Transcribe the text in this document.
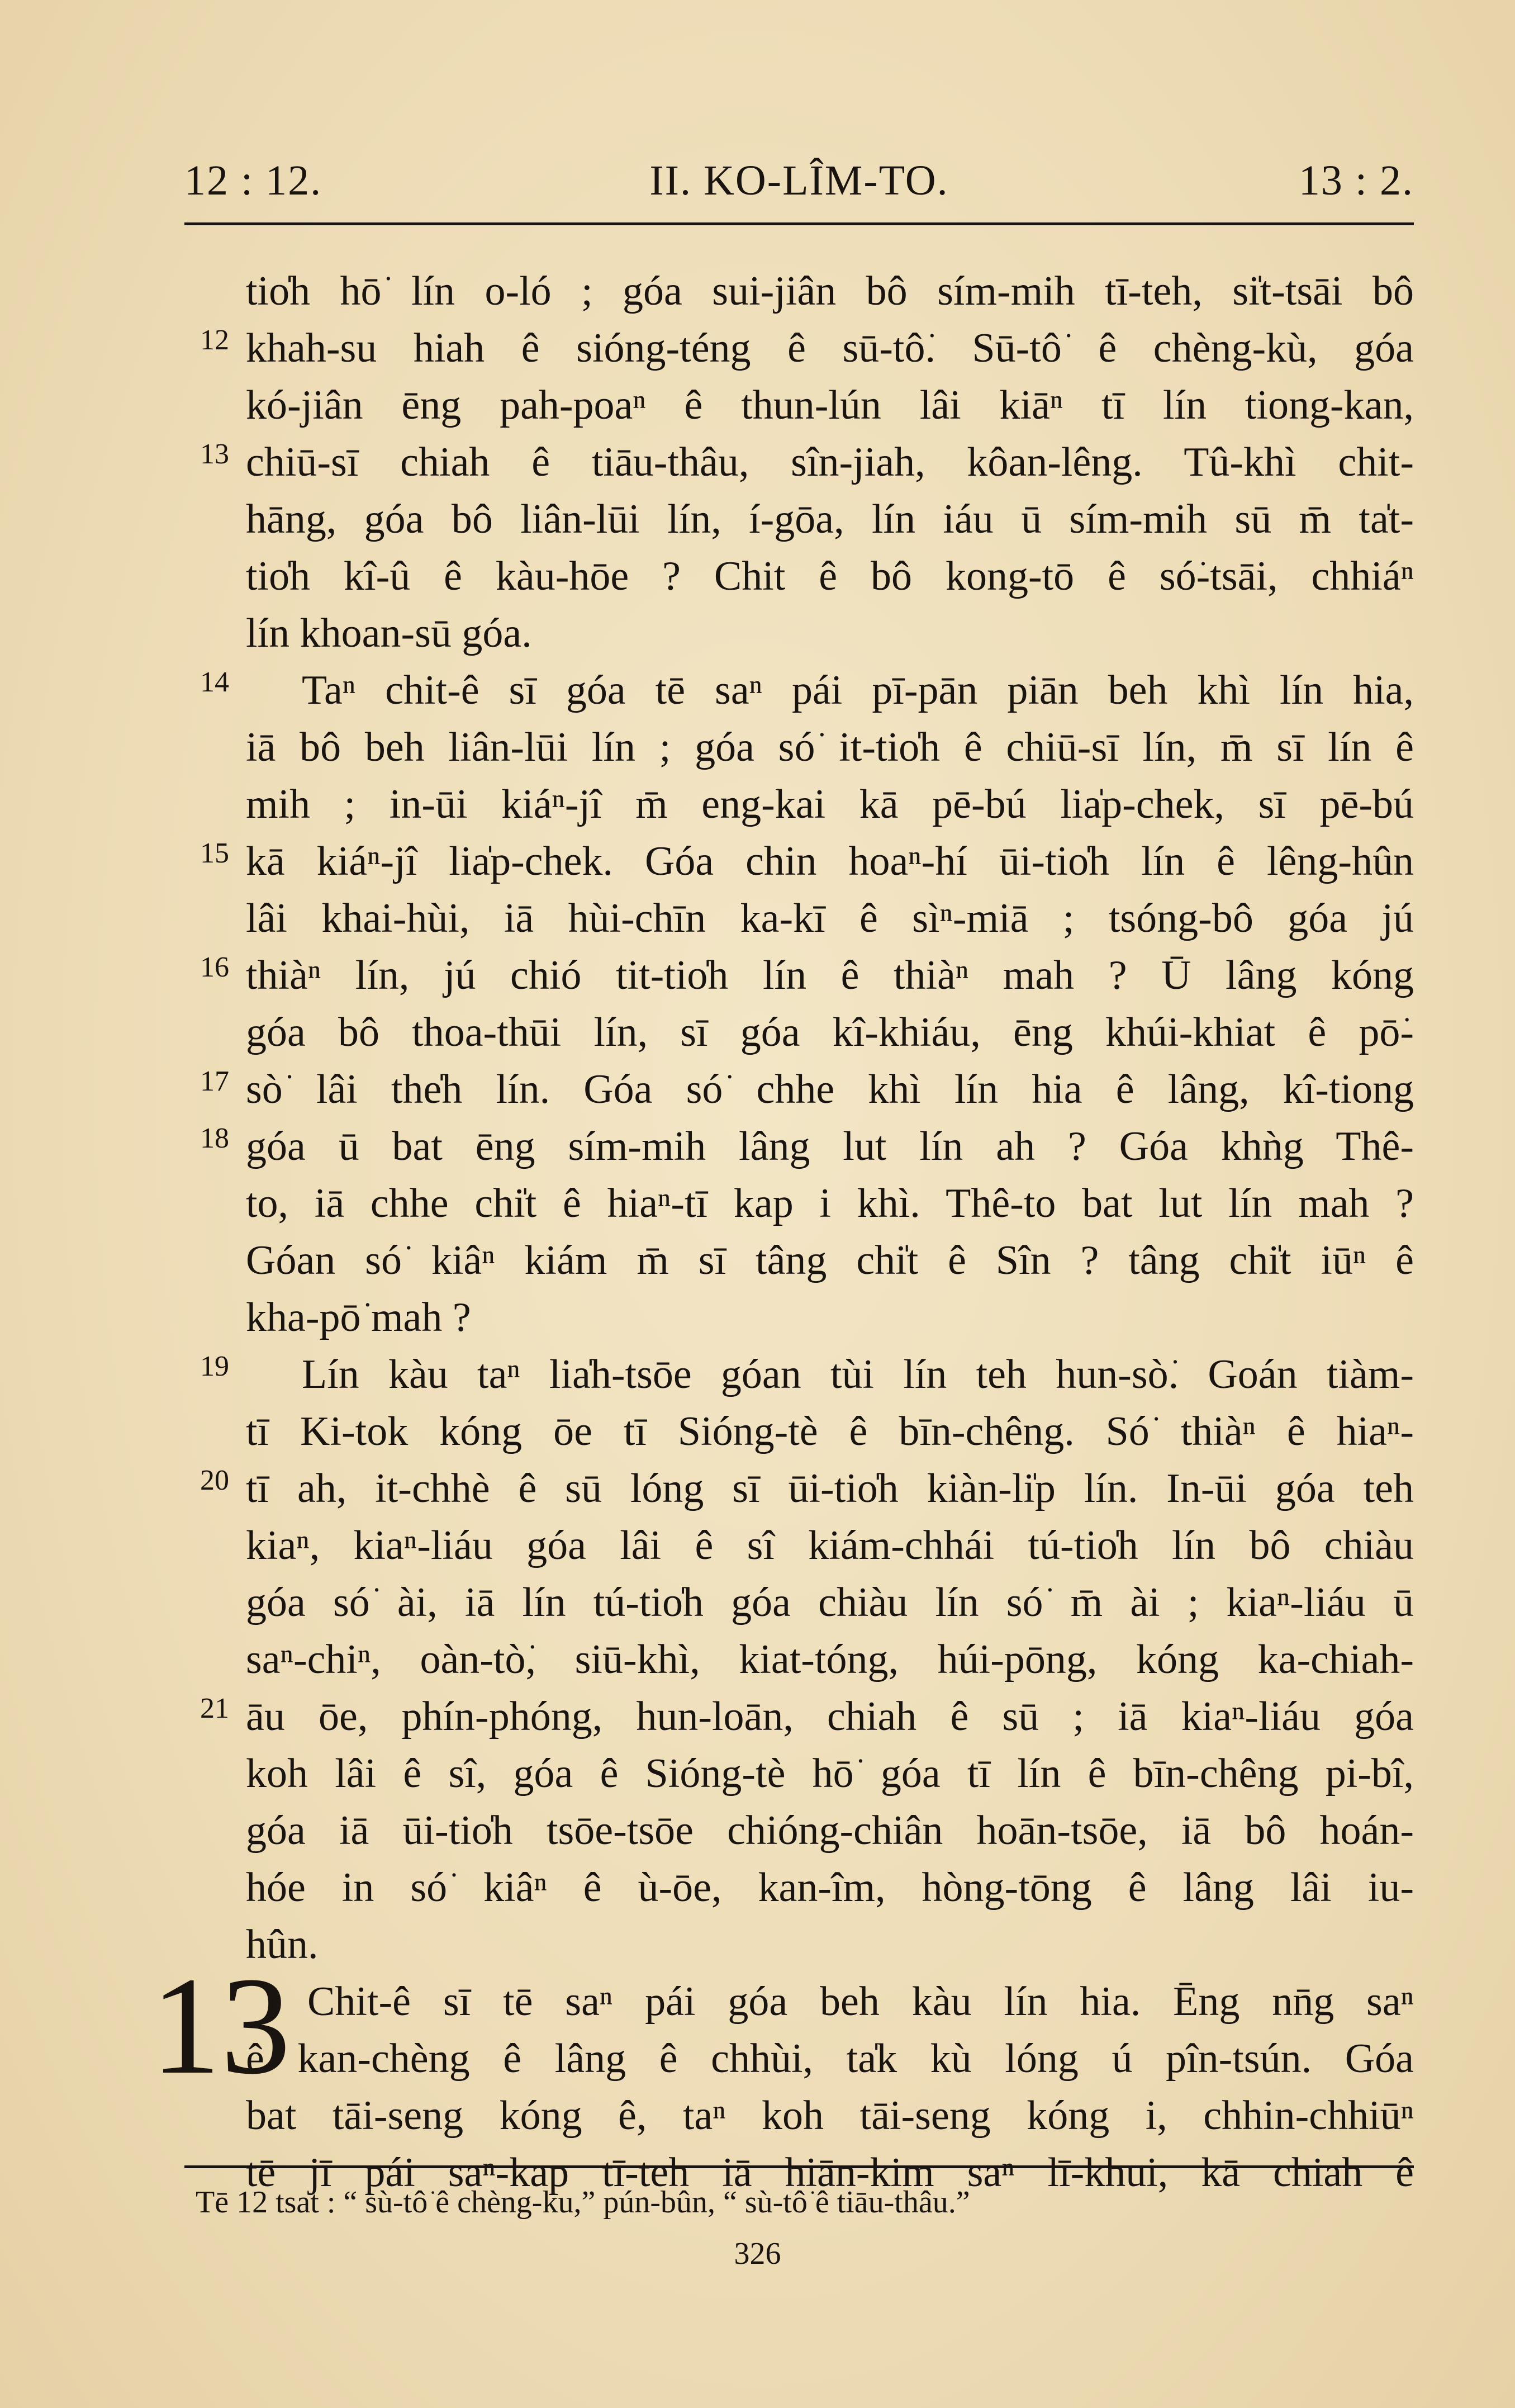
12 : 12.	II. KO-LÎM-TO.	13 : 2.
tio̍h hō͘ lín o-ló ; góa sui-jiân bô sím-mih tī-teh, si̍t-tsāi bô
12 khah-su hiah ê sióng-téng ê sū-tô͘. Sū-tô͘ ê chèng-kù, góa
kó-jiân ēng pah-poaⁿ ê thun-lún lâi kiāⁿ tī lín tiong-kan,
13 chiū-sī chiah ê tiāu-thâu, sîn-jiah, kôan-lêng. Tû-khì chit-
hāng, góa bô liân-lūi lín, í-gōa, lín iáu ū sím-mih sū m̄ ta̍t-
tio̍h kî-û ê kàu-hōe ? Chit ê bô kong-tō ê só͘-tsāi, chhiáⁿ
lín khoan-sū góa.
14	Taⁿ chit-ê sī góa tē saⁿ pái pī-pān piān beh khì lín hia,
iā bô beh liân-lūi lín ; góa só͘ it-tio̍h ê chiū-sī lín, m̄ sī lín ê
mih ; in-ūi kiáⁿ-jî m̄ eng-kai kā pē-bú lia̍p-chek, sī pē-bú
15 kā kiáⁿ-jî lia̍p-chek. Góa chin hoaⁿ-hí ūi-tio̍h lín ê lêng-hûn
lâi khai-hùi, iā hùi-chīn ka-kī ê sìⁿ-miā ; tsóng-bô góa jú
16 thiàⁿ lín, jú chió tit-tio̍h lín ê thiàⁿ mah ? Ū lâng kóng
góa bô thoa-thūi lín, sī góa kî-khiáu, ēng khúi-khiat ê pō͘-
17 sò͘ lâi the̍h lín. Góa só͘ chhe khì lín hia ê lâng, kî-tiong
18 góa ū bat ēng sím-mih lâng lut lín ah ? Góa khǹg Thê-
to, iā chhe chi̍t ê hiaⁿ-tī kap i khì. Thê-to bat lut lín mah ?
Góan só͘ kiâⁿ kiám m̄ sī tâng chi̍t ê Sîn ? tâng chi̍t iūⁿ ê
kha-pō͘ mah ?
19	Lín kàu taⁿ lia̍h-tsōe góan tùi lín teh hun-sò͘. Goán tiàm-
tī Ki-tok kóng ōe tī Sióng-tè ê bīn-chêng. Só͘ thiàⁿ ê hiaⁿ-
20 tī ah, it-chhè ê sū lóng sī ūi-tio̍h kiàn-li̍p lín. In-ūi góa teh
kiaⁿ, kiaⁿ-liáu góa lâi ê sî kiám-chhái tú-tio̍h lín bô chiàu
góa só͘ ài, iā lín tú-tio̍h góa chiàu lín só͘ m̄ ài ; kiaⁿ-liáu ū
saⁿ-chiⁿ, oàn-tò͘, siū-khì, kiat-tóng, húi-pōng, kóng ka-chiah-
21 āu ōe, phín-phóng, hun-loān, chiah ê sū ; iā kiaⁿ-liáu góa
koh lâi ê sî, góa ê Sióng-tè hō͘ góa tī lín ê bīn-chêng pi-bî,
góa iā ūi-tio̍h tsōe-tsōe chióng-chiân hoān-tsōe, iā bô hoán-
hóe in só͘ kiâⁿ ê ù-ōe, kan-îm, hòng-tōng ê lâng lâi iu-
hûn.
13 Chit-ê sī tē saⁿ pái góa beh kàu lín hia. Ēng nn̄g saⁿ
ê kan-chèng ê lâng ê chhùi, ta̍k kù lóng ú pîn-tsún. Góa
bat tāi-seng kóng ê, taⁿ koh tāi-seng kóng i, chhin-chhiūⁿ
tē jī pái saⁿ-kap tī-teh iā hiān-kim saⁿ lī-khui, kā chiah ê
Tē 12 tsat : “ sù-tô͘ ê chèng-ku,” pún-bûn, “ sù-tô͘ ê tiāu-thâu.”
326
